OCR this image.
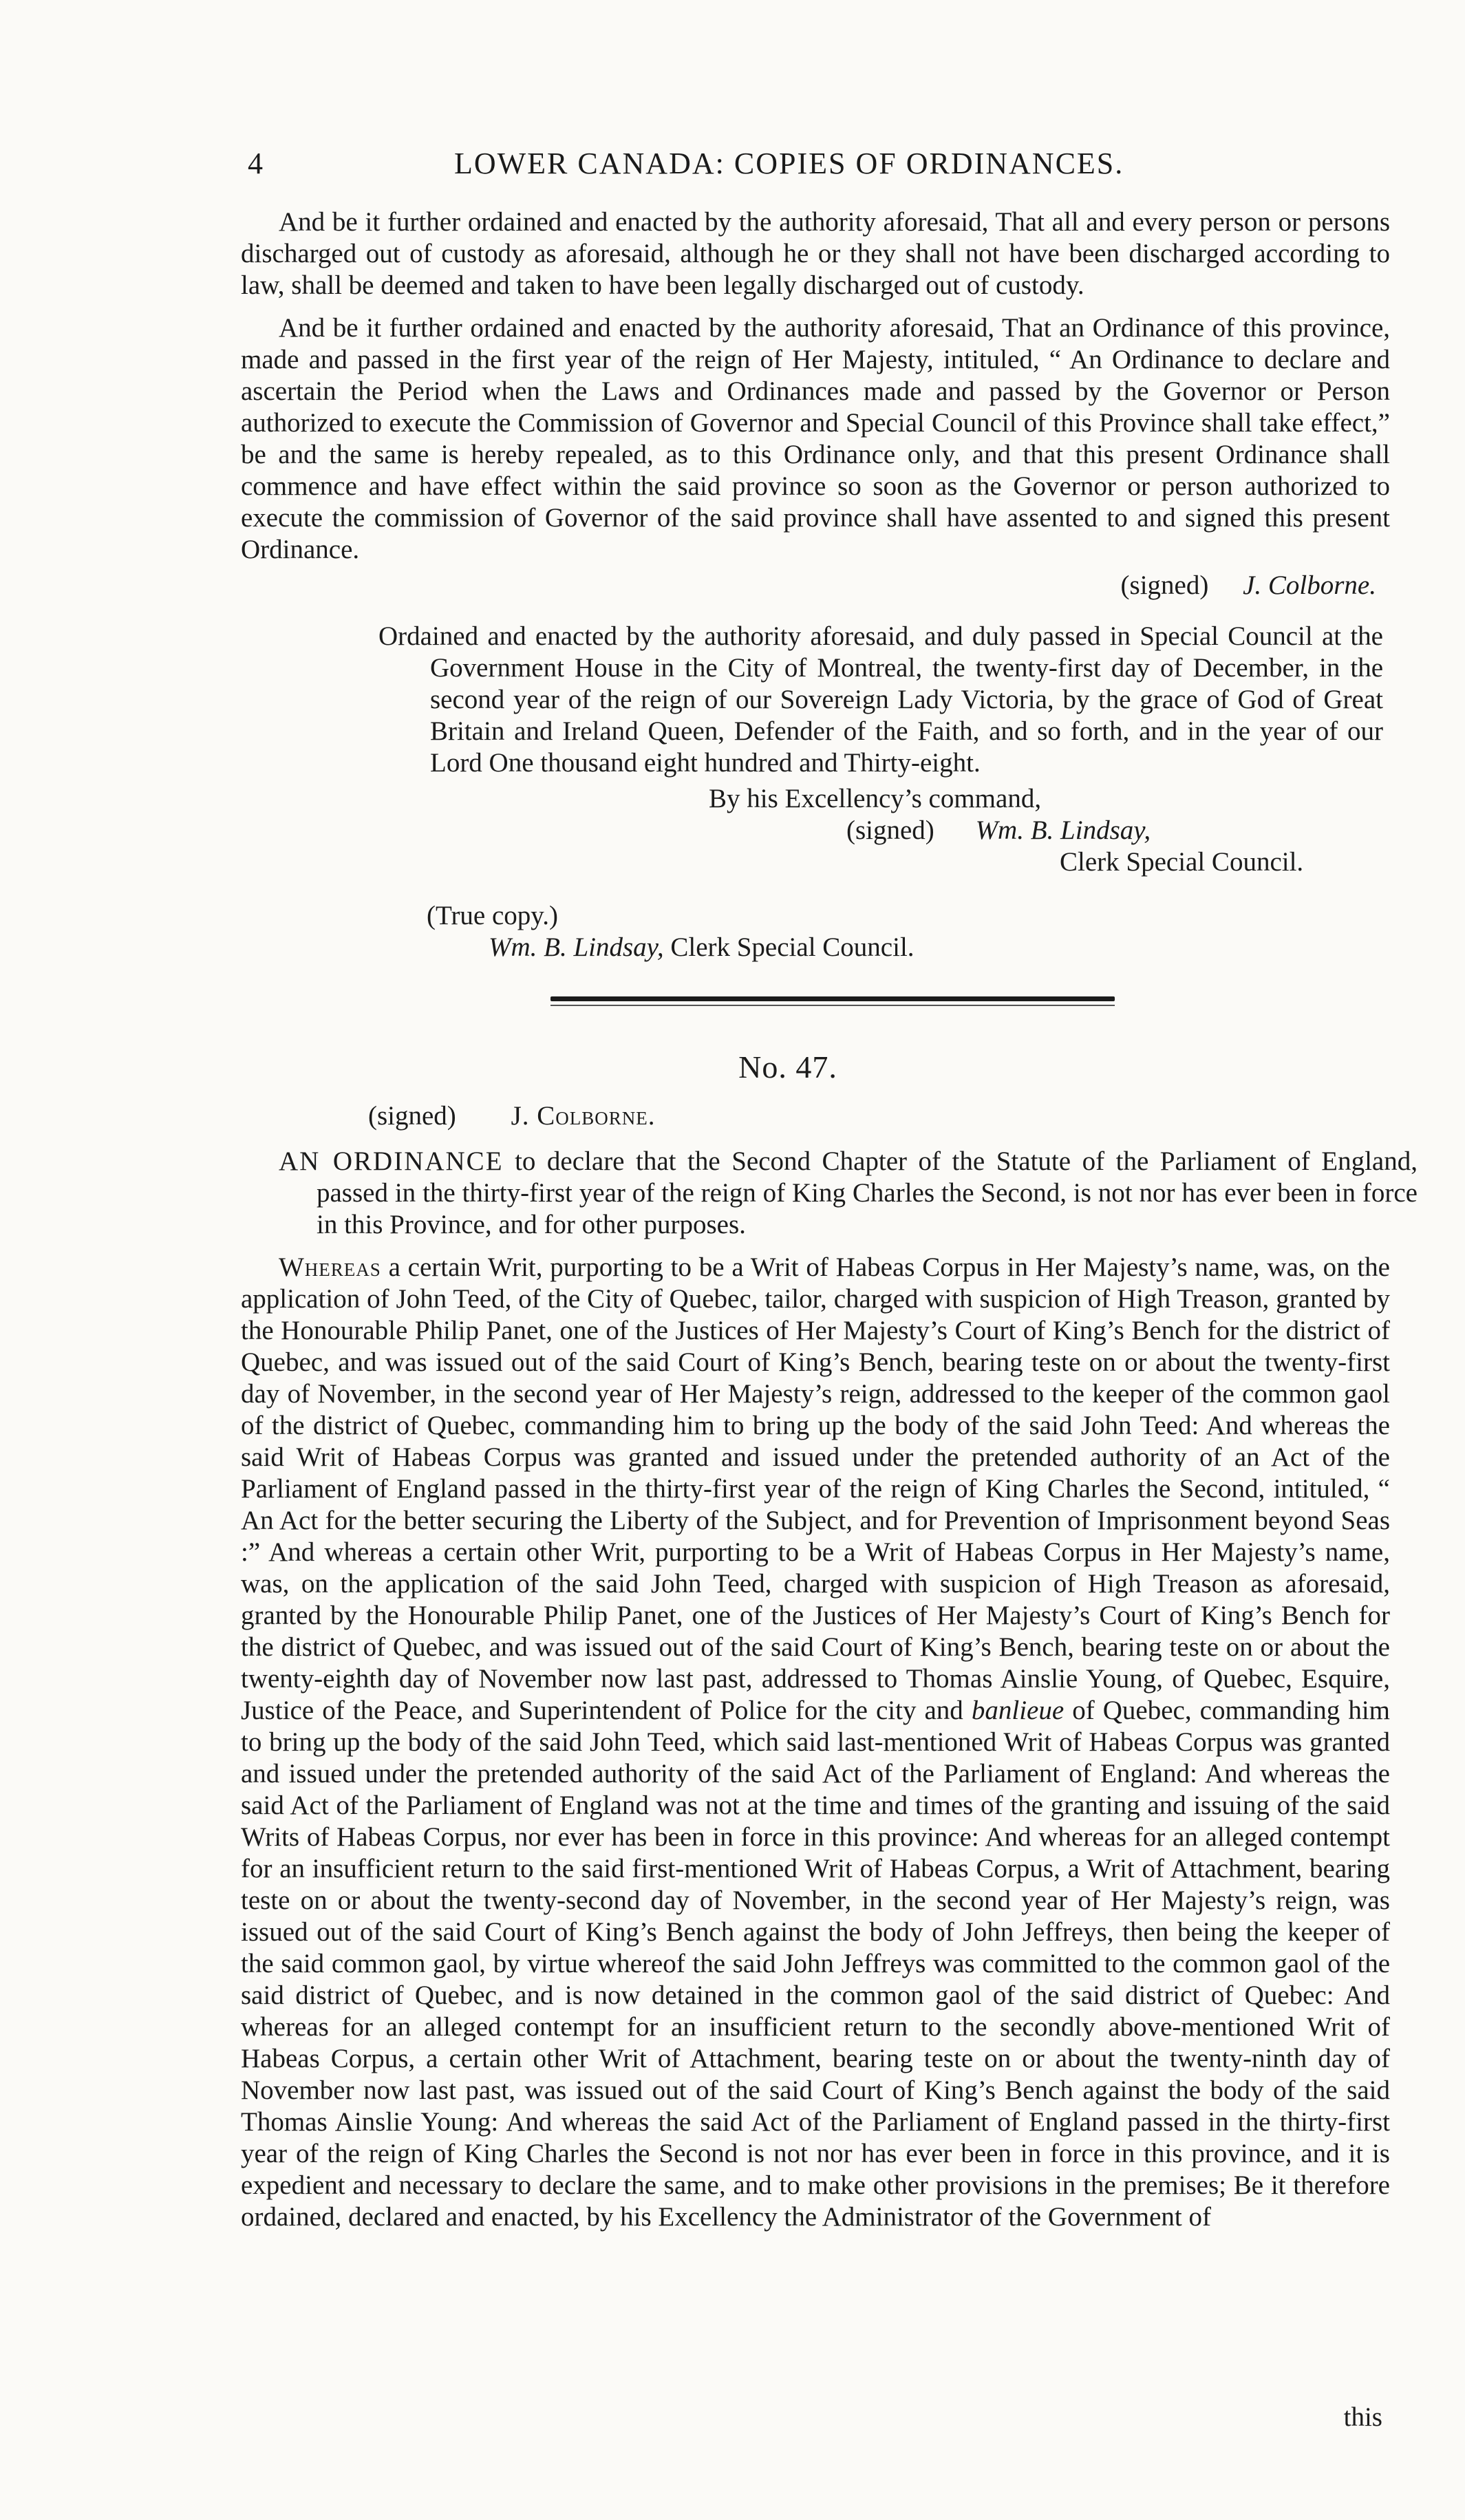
4	LOWER CANADA: COPIES OF ORDINANCES.

And be it further ordained and enacted by the authority aforesaid, That all and every person or persons discharged out of custody as aforesaid, although he or they shall not have been discharged according to law, shall be deemed and taken to have been legally discharged out of custody.

And be it further ordained and enacted by the authority aforesaid, That an Ordinance of this province, made and passed in the first year of the reign of Her Majesty, intituled, “ An Ordinance to declare and ascertain the Period when the Laws and Ordinances made and passed by the Governor or Person authorized to execute the Commission of Governor and Special Council of this Province shall take effect,” be and the same is hereby repealed, as to this Ordinance only, and that this present Ordinance shall commence and have effect within the said province so soon as the Governor or person authorized to execute the commission of Governor of the said province shall have assented to and signed this present Ordinance.

(signed) J. Colborne.

Ordained and enacted by the authority aforesaid, and duly passed in Special Council at the Government House in the City of Montreal, the twenty-first day of December, in the second year of the reign of our Sovereign Lady Victoria, by the grace of God of Great Britain and Ireland Queen, Defender of the Faith, and so forth, and in the year of our Lord One thousand eight hundred and Thirty-eight.

By his Excellency’s command,
(signed) Wm. B. Lindsay,
Clerk Special Council.
(True copy.)
Wm. B. Lindsay, Clerk Special Council.
No. 47.
(signed) J. Colborne.

AN ORDINANCE to declare that the Second Chapter of the Statute of the Parliament of England, passed in the thirty-first year of the reign of King Charles the Second, is not nor has ever been in force in this Province, and for other purposes.

Whereas a certain Writ, purporting to be a Writ of Habeas Corpus in Her Majesty’s name, was, on the application of John Teed, of the City of Quebec, tailor, charged with suspicion of High Treason, granted by the Honourable Philip Panet, one of the Justices of Her Majesty’s Court of King’s Bench for the district of Quebec, and was issued out of the said Court of King’s Bench, bearing teste on or about the twenty-first day of November, in the second year of Her Majesty’s reign, addressed to the keeper of the common gaol of the district of Quebec, commanding him to bring up the body of the said John Teed: And whereas the said Writ of Habeas Corpus was granted and issued under the pretended authority of an Act of the Parliament of England passed in the thirty-first year of the reign of King Charles the Second, intituled, “ An Act for the better securing the Liberty of the Subject, and for Prevention of Imprisonment beyond Seas :” And whereas a certain other Writ, purporting to be a Writ of Habeas Corpus in Her Majesty’s name, was, on the application of the said John Teed, charged with suspicion of High Treason as aforesaid, granted by the Honourable Philip Panet, one of the Justices of Her Majesty’s Court of King’s Bench for the district of Quebec, and was issued out of the said Court of King’s Bench, bearing teste on or about the twenty-eighth day of November now last past, addressed to Thomas Ainslie Young, of Quebec, Esquire, Justice of the Peace, and Superintendent of Police for the city and banlieue of Quebec, commanding him to bring up the body of the said John Teed, which said last-mentioned Writ of Habeas Corpus was granted and issued under the pretended authority of the said Act of the Parliament of England: And whereas the said Act of the Parliament of England was not at the time and times of the granting and issuing of the said Writs of Habeas Corpus, nor ever has been in force in this province: And whereas for an alleged contempt for an insufficient return to the said first-mentioned Writ of Habeas Corpus, a Writ of Attachment, bearing teste on or about the twenty-second day of November, in the second year of Her Majesty’s reign, was issued out of the said Court of King’s Bench against the body of John Jeffreys, then being the keeper of the said common gaol, by virtue whereof the said John Jeffreys was committed to the common gaol of the said district of Quebec, and is now detained in the common gaol of the said district of Quebec: And whereas for an alleged contempt for an insufficient return to the secondly above-mentioned Writ of Habeas Corpus, a certain other Writ of Attachment, bearing teste on or about the twenty-ninth day of November now last past, was issued out of the said Court of King’s Bench against the body of the said Thomas Ainslie Young: And whereas the said Act of the Parliament of England passed in the thirty-first year of the reign of King Charles the Second is not nor has ever been in force in this province, and it is expedient and necessary to declare the same, and to make other provisions in the premises; Be it therefore ordained, declared and enacted, by his Excellency the Administrator of the Government of

this
